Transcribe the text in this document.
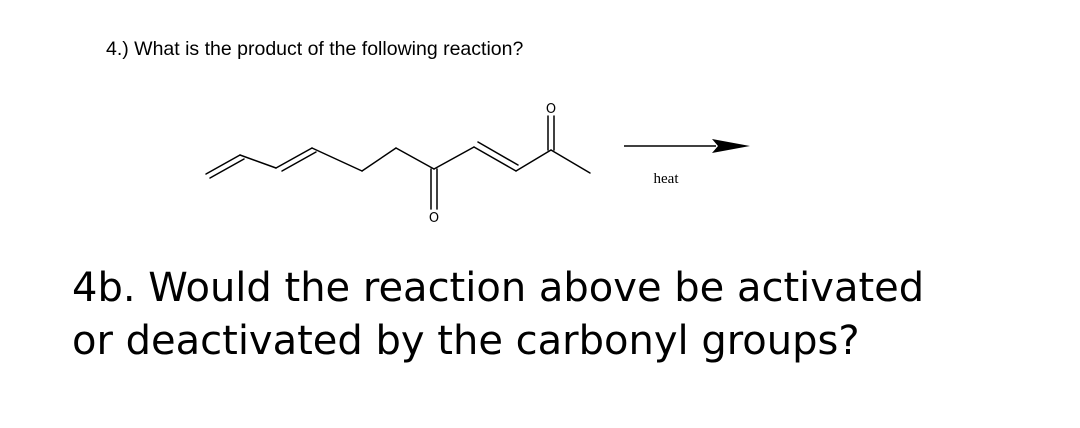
4.) What is the product of the following reaction?
O
O
heat
4b. Would the reaction above be activated
or deactivated by the carbonyl groups?
